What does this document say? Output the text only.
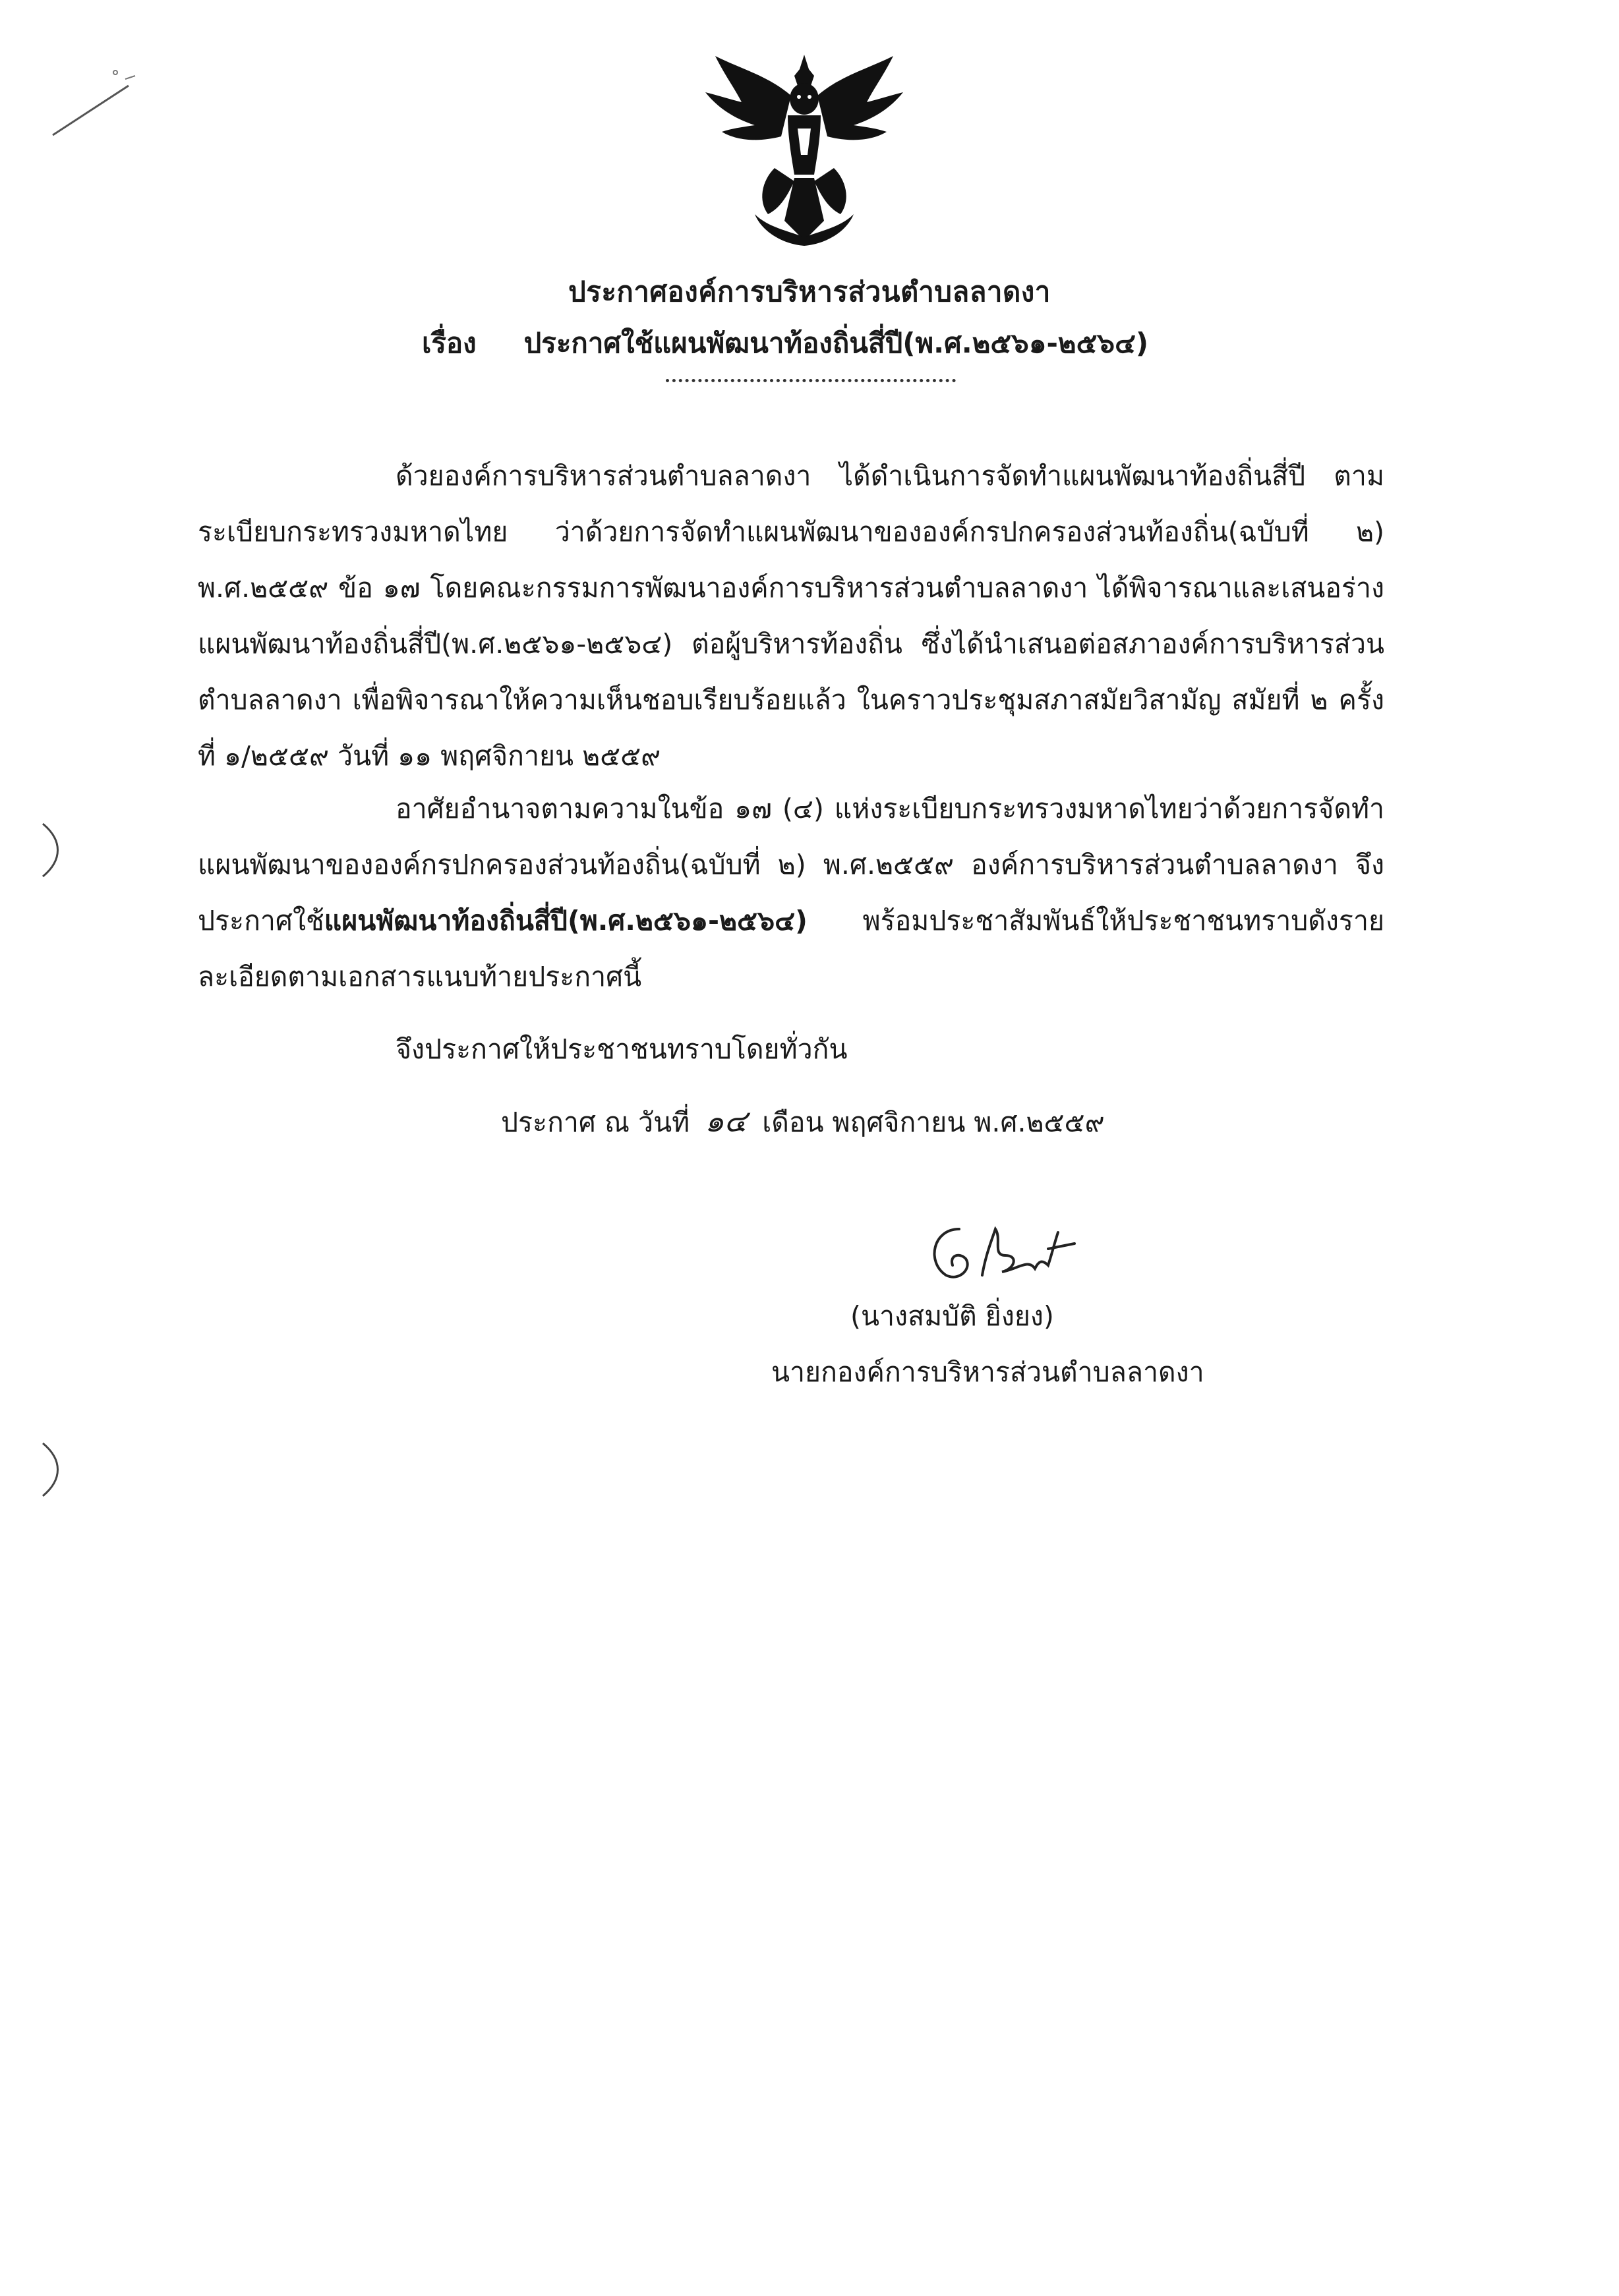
ประกาศองค์การบริหารส่วนตำบลลาดงา
เรื่อง ประกาศใช้แผนพัฒนาท้องถิ่นสี่ปี(พ.ศ.๒๕๖๑-๒๕๖๔)
ด้วยองค์การบริหารส่วนตำบลลาดงา ได้ดำเนินการจัดทำแผนพัฒนาท้องถิ่นสี่ปี ตามระเบียบกระทรวงมหาดไทย ว่าด้วยการจัดทำแผนพัฒนาขององค์กรปกครองส่วนท้องถิ่น(ฉบับที่ ๒) พ.ศ.๒๕๕๙ ข้อ ๑๗ โดยคณะกรรมการพัฒนาองค์การบริหารส่วนตำบลลาดงา ได้พิจารณาและเสนอร่างแผนพัฒนาท้องถิ่นสี่ปี(พ.ศ.๒๕๖๑-๒๕๖๔) ต่อผู้บริหารท้องถิ่น ซึ่งได้นำเสนอต่อสภาองค์การบริหารส่วนตำบลลาดงา เพื่อพิจารณาให้ความเห็นชอบเรียบร้อยแล้ว ในคราวประชุมสภาสมัยวิสามัญ สมัยที่ ๒ ครั้งที่ ๑/๒๕๕๙ วันที่ ๑๑ พฤศจิกายน ๒๕๕๙
อาศัยอำนาจตามความในข้อ ๑๗ (๔) แห่งระเบียบกระทรวงมหาดไทยว่าด้วยการจัดทำแผนพัฒนาขององค์กรปกครองส่วนท้องถิ่น(ฉบับที่ ๒) พ.ศ.๒๕๕๙ องค์การบริหารส่วนตำบลลาดงา จึงประกาศใช้แผนพัฒนาท้องถิ่นสี่ปี(พ.ศ.๒๕๖๑-๒๕๖๔) พร้อมประชาสัมพันธ์ให้ประชาชนทราบดังรายละเอียดตามเอกสารแนบท้ายประกาศนี้
จึงประกาศให้ประชาชนทราบโดยทั่วกัน
ประกาศ ณ วันที่ ๑๔ เดือน พฤศจิกายน พ.ศ.๒๕๕๙
(นางสมบัติ ยิ่งยง)
นายกองค์การบริหารส่วนตำบลลาดงา
